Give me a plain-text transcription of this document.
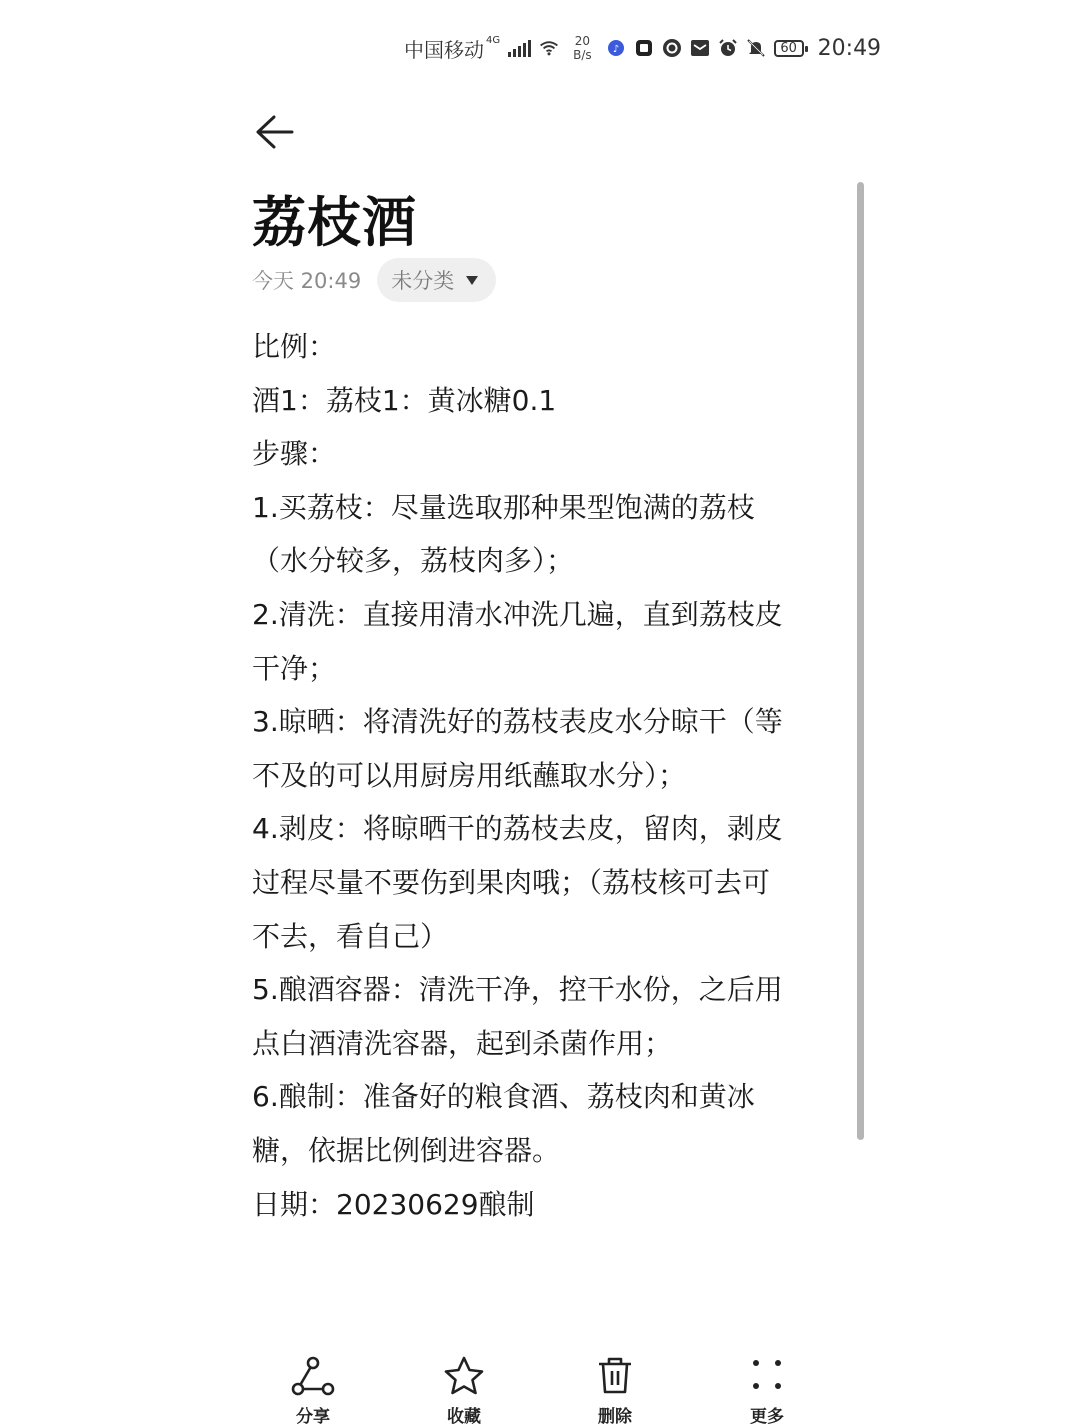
中国移动 4G	20
B/s ♪	60 20:49
荔枝酒
今天 20:49 未分类

比例：

酒1：荔枝1：黄冰糖0.1

步骤：

1.买荔枝：尽量选取那种果型饱满的荔枝

（水分较多，荔枝肉多）；

2.清洗：直接用清水冲洗几遍，直到荔枝皮

干净；

3.晾晒：将清洗好的荔枝表皮水分晾干（等

不及的可以用厨房用纸蘸取水分）；

4.剥皮：将晾晒干的荔枝去皮，留肉，剥皮

过程尽量不要伤到果肉哦；（荔枝核可去可

不去，看自己）

5.酿酒容器：清洗干净，控干水份，之后用

点白酒清洗容器，起到杀菌作用；

6.酿制：准备好的粮食酒、荔枝肉和黄冰

糖，依据比例倒进容器。

日期：20230629酿制

分享	收藏	删除	更多
